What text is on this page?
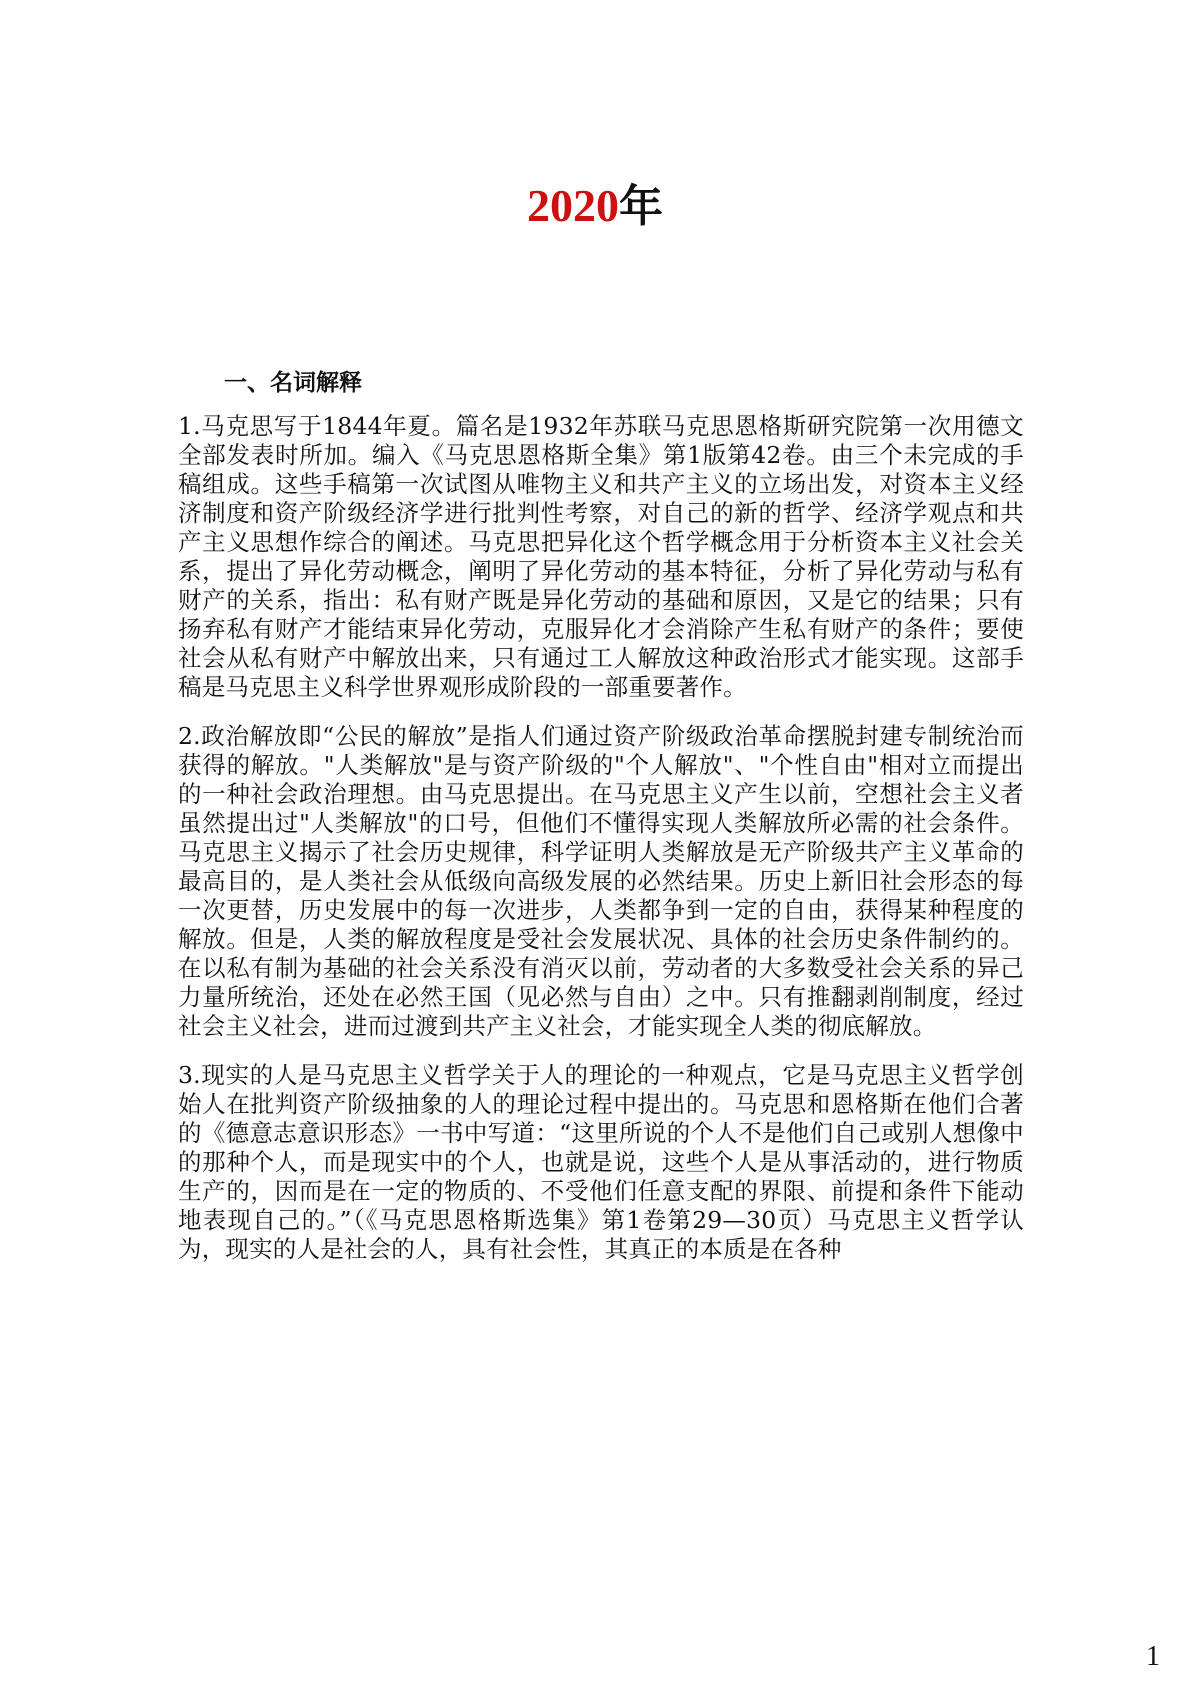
2020年
一、名词解释

1.马克思写于1844年夏。篇名是1932年苏联马克思恩格斯研究院第一次用德文全部发表时所加。编入《马克思恩格斯全集》第1版第42卷。由三个未完成的手稿组成。这些手稿第一次试图从唯物主义和共产主义的立场出发，对资本主义经济制度和资产阶级经济学进行批判性考察，对自己的新的哲学、经济学观点和共产主义思想作综合的阐述。马克思把异化这个哲学概念用于分析资本主义社会关系，提出了异化劳动概念，阐明了异化劳动的基本特征，分析了异化劳动与私有财产的关系，指出：私有财产既是异化劳动的基础和原因，又是它的结果；只有扬弃私有财产才能结束异化劳动，克服异化才会消除产生私有财产的条件；要使社会从私有财产中解放出来，只有通过工人解放这种政治形式才能实现。这部手稿是马克思主义科学世界观形成阶段的一部重要著作。

2.政治解放即“公民的解放”是指人们通过资产阶级政治革命摆脱封建专制统治而获得的解放。"人类解放"是与资产阶级的"个人解放"、"个性自由"相对立而提出的一种社会政治理想。由马克思提出。在马克思主义产生以前，空想社会主义者虽然提出过"人类解放"的口号，但他们不懂得实现人类解放所必需的社会条件。马克思主义揭示了社会历史规律，科学证明人类解放是无产阶级共产主义革命的最高目的，是人类社会从低级向高级发展的必然结果。历史上新旧社会形态的每一次更替，历史发展中的每一次进步，人类都争到一定的自由，获得某种程度的解放。但是，人类的解放程度是受社会发展状况、具体的社会历史条件制约的。在以私有制为基础的社会关系没有消灭以前，劳动者的大多数受社会关系的异己力量所统治，还处在必然王国（见必然与自由）之中。只有推翻剥削制度，经过社会主义社会，进而过渡到共产主义社会，才能实现全人类的彻底解放。

3.现实的人是马克思主义哲学关于人的理论的一种观点，它是马克思主义哲学创始人在批判资产阶级抽象的人的理论过程中提出的。马克思和恩格斯在他们合著的《德意志意识形态》一书中写道：“这里所说的个人不是他们自己或别人想像中的那种个人，而是现实中的个人，也就是说，这些个人是从事活动的，进行物质生产的，因而是在一定的物质的、不受他们任意支配的界限、前提和条件下能动地表现自己的。”（《马克思恩格斯选集》第1卷第29—30页）马克思主义哲学认为，现实的人是社会的人，具有社会性，其真正的本质是在各种

1
